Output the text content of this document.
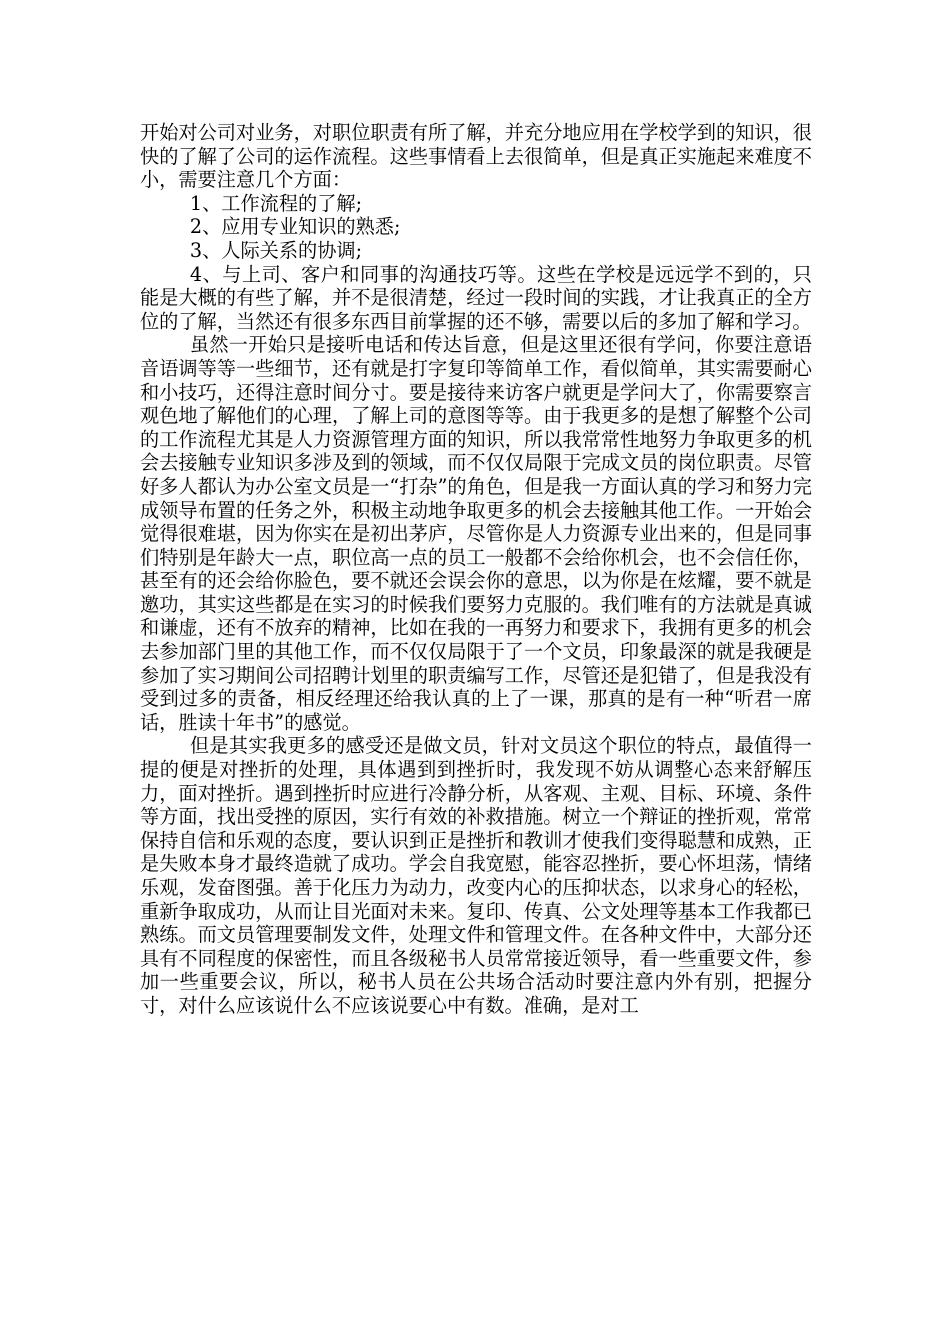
开始对公司对业务，对职位职责有所了解，并充分地应用在学校学到的知识，很快的了解了公司的运作流程。这些事情看上去很简单，但是真正实施起来难度不小，需要注意几个方面：

1、工作流程的了解;

2、应用专业知识的熟悉;

3、人际关系的协调;

4、与上司、客户和同事的沟通技巧等。这些在学校是远远学不到的，只能是大概的有些了解，并不是很清楚，经过一段时间的实践，才让我真正的全方位的了解，当然还有很多东西目前掌握的还不够，需要以后的多加了解和学习。

虽然一开始只是接听电话和传达旨意，但是这里还很有学问，你要注意语音语调等等一些细节，还有就是打字复印等简单工作，看似简单，其实需要耐心和小技巧，还得注意时间分寸。要是接待来访客户就更是学问大了，你需要察言观色地了解他们的心理，了解上司的意图等等。由于我更多的是想了解整个公司的工作流程尤其是人力资源管理方面的知识，所以我常常性地努力争取更多的机会去接触专业知识多涉及到的领域，而不仅仅局限于完成文员的岗位职责。尽管好多人都认为办公室文员是一“打杂”的角色，但是我一方面认真的学习和努力完成领导布置的任务之外，积极主动地争取更多的机会去接触其他工作。一开始会觉得很难堪，因为你实在是初出茅庐，尽管你是人力资源专业出来的，但是同事们特别是年龄大一点，职位高一点的员工一般都不会给你机会，也不会信任你，甚至有的还会给你脸色，要不就还会误会你的意思，以为你是在炫耀，要不就是邀功，其实这些都是在实习的时候我们要努力克服的。我们唯有的方法就是真诚和谦虚，还有不放弃的精神，比如在我的一再努力和要求下，我拥有更多的机会去参加部门里的其他工作，而不仅仅局限于了一个文员，印象最深的就是我硬是参加了实习期间公司招聘计划里的职责编写工作，尽管还是犯错了，但是我没有受到过多的责备，相反经理还给我认真的上了一课，那真的是有一种“听君一席话，胜读十年书”的感觉。

但是其实我更多的感受还是做文员，针对文员这个职位的特点，最值得一提的便是对挫折的处理，具体遇到到挫折时，我发现不妨从调整心态来舒解压力，面对挫折。遇到挫折时应进行冷静分析，从客观、主观、目标、环境、条件等方面，找出受挫的原因，实行有效的补救措施。树立一个辩证的挫折观，常常保持自信和乐观的态度，要认识到正是挫折和教训才使我们变得聪慧和成熟，正是失败本身才最终造就了成功。学会自我宽慰，能容忍挫折，要心怀坦荡，情绪乐观，发奋图强。善于化压力为动力，改变内心的压抑状态，以求身心的轻松，重新争取成功，从而让目光面对未来。复印、传真、公文处理等基本工作我都已熟练。而文员管理要制发文件，处理文件和管理文件。在各种文件中，大部分还具有不同程度的保密性，而且各级秘书人员常常接近领导，看一些重要文件，参加一些重要会议，所以，秘书人员在公共场合活动时要注意内外有别，把握分寸，对什么应该说什么不应该说要心中有数。准确，是对工
